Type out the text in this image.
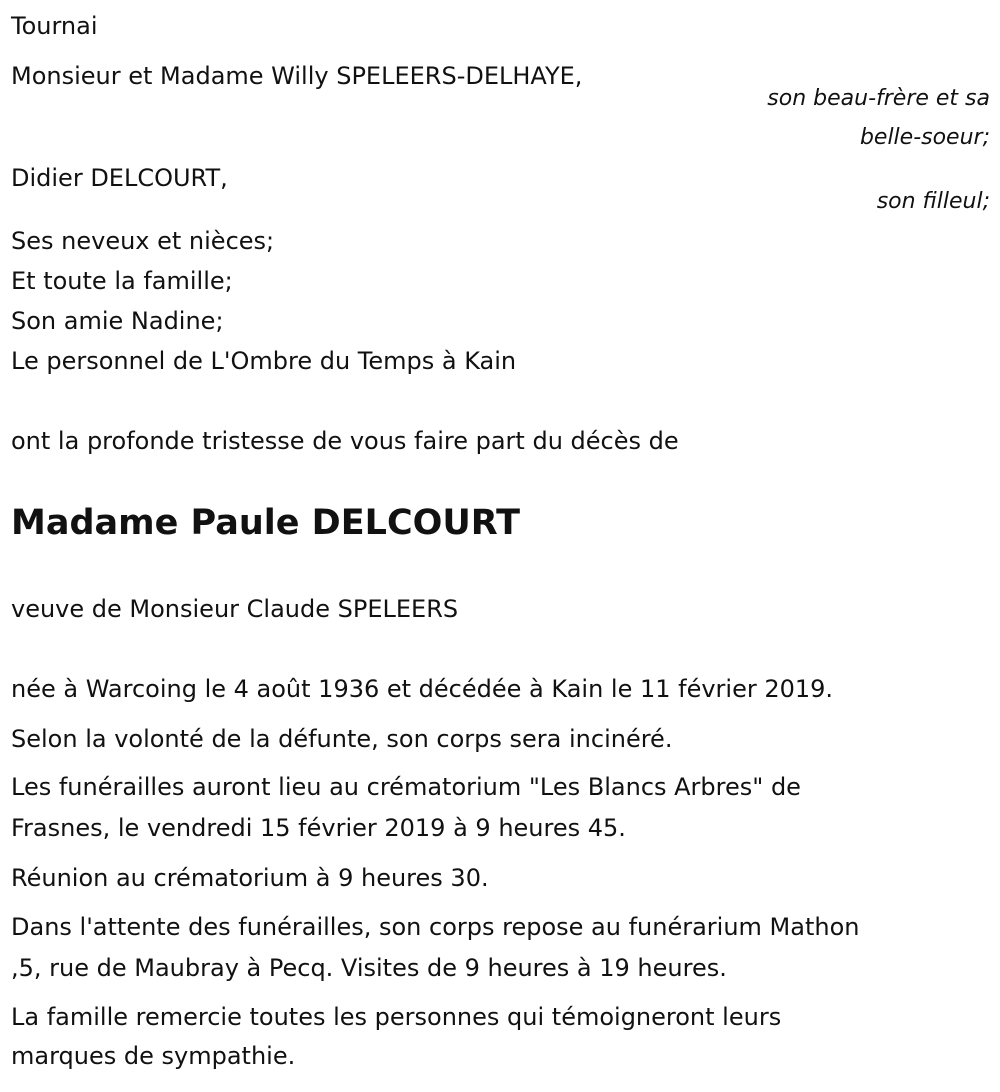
Tournai
Monsieur et Madame Willy SPELEERS-DELHAYE,
son beau-frère et sa
belle-soeur;
Didier DELCOURT,
son filleul;
Ses neveux et nièces;
Et toute la famille;
Son amie Nadine;
Le personnel de L'Ombre du Temps à Kain
ont la profonde tristesse de vous faire part du décès de
Madame Paule DELCOURT
veuve de Monsieur Claude SPELEERS
née à Warcoing le 4 août 1936 et décédée à Kain le 11 février 2019.
Selon la volonté de la défunte, son corps sera incinéré.
Les funérailles auront lieu au crématorium "Les Blancs Arbres" de
Frasnes, le vendredi 15 février 2019 à 9 heures 45.
Réunion au crématorium à 9 heures 30.
Dans l'attente des funérailles, son corps repose au funérarium Mathon
,5, rue de Maubray à Pecq. Visites de 9 heures à 19 heures.
La famille remercie toutes les personnes qui témoigneront leurs
marques de sympathie.
